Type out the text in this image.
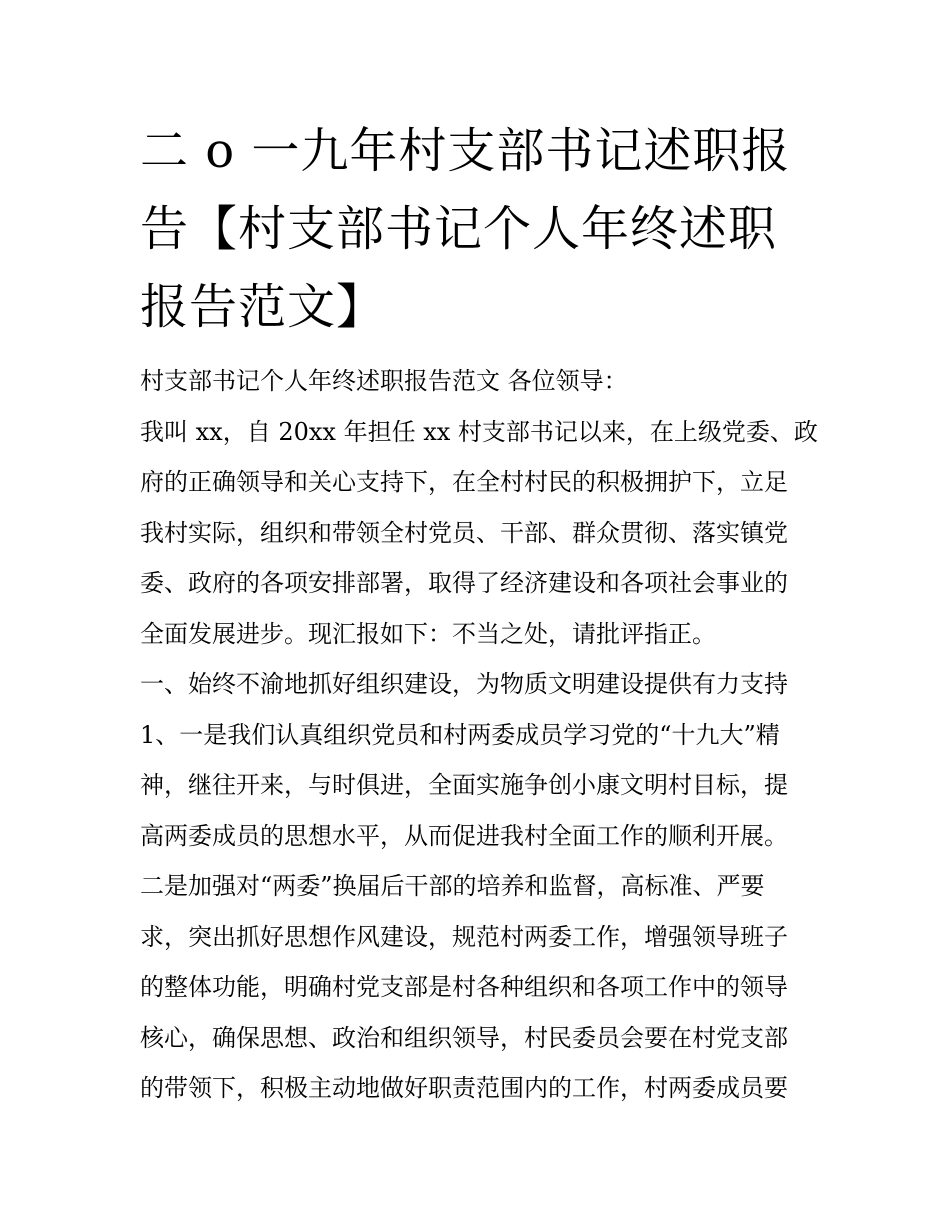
二 o 一九年村支部书记述职报
告【村支部书记个人年终述职
报告范文】

村支部书记个人年终述职报告范文 各位领导：

我叫 xx，自 20xx 年担任 xx 村支部书记以来，在上级党委、政
府的正确领导和关心支持下，在全村村民的积极拥护下，立足
我村实际，组织和带领全村党员、干部、群众贯彻、落实镇党
委、政府的各项安排部署，取得了经济建设和各项社会事业的
全面发展进步。现汇报如下：不当之处，请批评指正。

一、始终不渝地抓好组织建设，为物质文明建设提供有力支持

1、一是我们认真组织党员和村两委成员学习党的“十九大”精
神，继往开来，与时俱进，全面实施争创小康文明村目标，提
高两委成员的思想水平，从而促进我村全面工作的顺利开展。

二是加强对“两委”换届后干部的培养和监督，高标准、严要
求，突出抓好思想作风建设，规范村两委工作，增强领导班子
的整体功能，明确村党支部是村各种组织和各项工作中的领导
核心，确保思想、政治和组织领导，村民委员会要在村党支部
的带领下，积极主动地做好职责范围内的工作，村两委成员要
